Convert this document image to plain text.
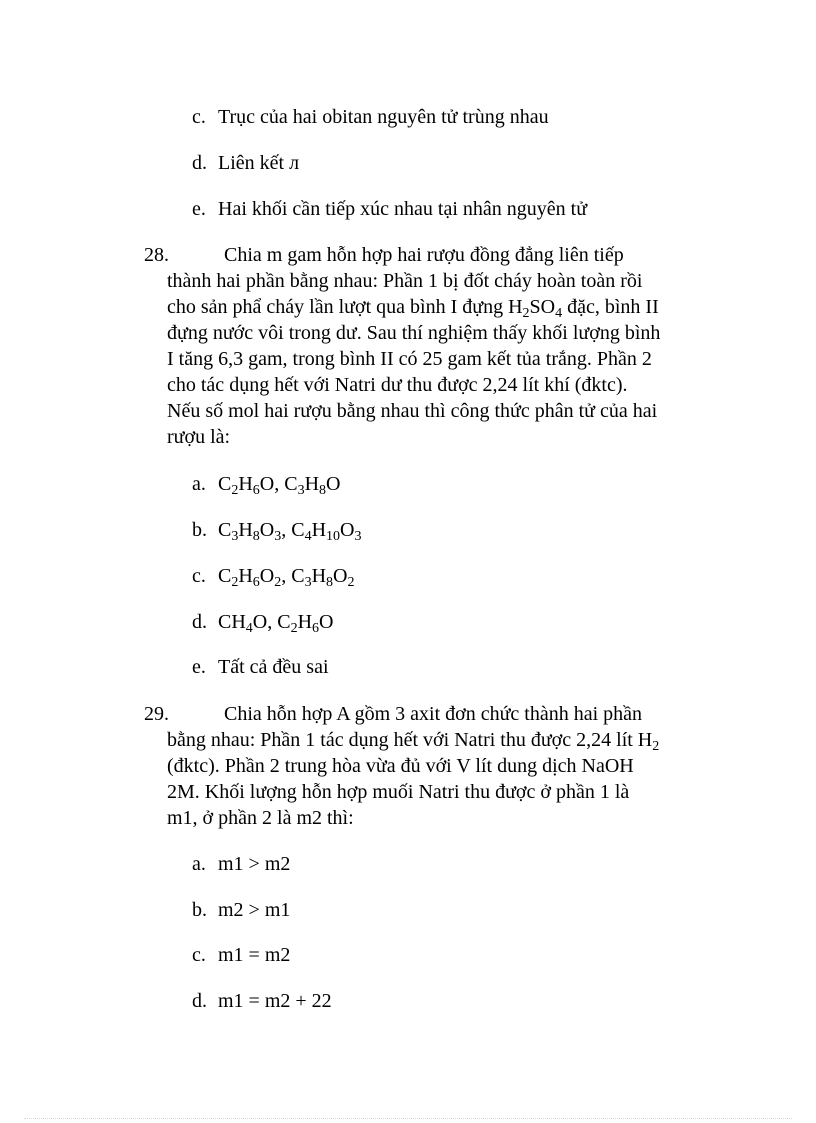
c. Trục của hai obitan nguyên tử trùng nhau
d. Liên kết л
e. Hai khối cần tiếp xúc nhau tại nhân nguyên tử
28.	Chia m gam hỗn hợp hai rượu đồng đẳng liên tiếp
thành hai phần bằng nhau: Phần 1 bị đốt cháy hoàn toàn rồi
cho sản phẩ cháy lần lượt qua bình I đựng $H_2SO_4$ đặc, bình II
đựng nước vôi trong dư. Sau thí nghiệm thấy khối lượng bình
I tăng 6,3 gam, trong bình II có 25 gam kết tủa trắng. Phần 2
cho tác dụng hết với Natri dư thu được 2,24 lít khí (đktc).
Nếu số mol hai rượu bằng nhau thì công thức phân tử của hai
rượu là:
a. $C_2H_6O$, $C_3H_8O$
b. $C_3H_8O_3$, $C_4H_{10}O_3$
c. $C_2H_6O_2$, $C_3H_8O_2$
d. $CH_4O$, $C_2H_6O$
e. Tất cả đều sai
29.	Chia hỗn hợp A gồm 3 axit đơn chức thành hai phần
bằng nhau: Phần 1 tác dụng hết với Natri thu được 2,24 lít $H_2$
(đktc). Phần 2 trung hòa vừa đủ với V lít dung dịch NaOH
2M. Khối lượng hỗn hợp muối Natri thu được ở phần 1 là
m1, ở phần 2 là m2 thì:
a. m1 > m2
b. m2 > m1
c. m1 = m2
d. m1 = m2 + 22
